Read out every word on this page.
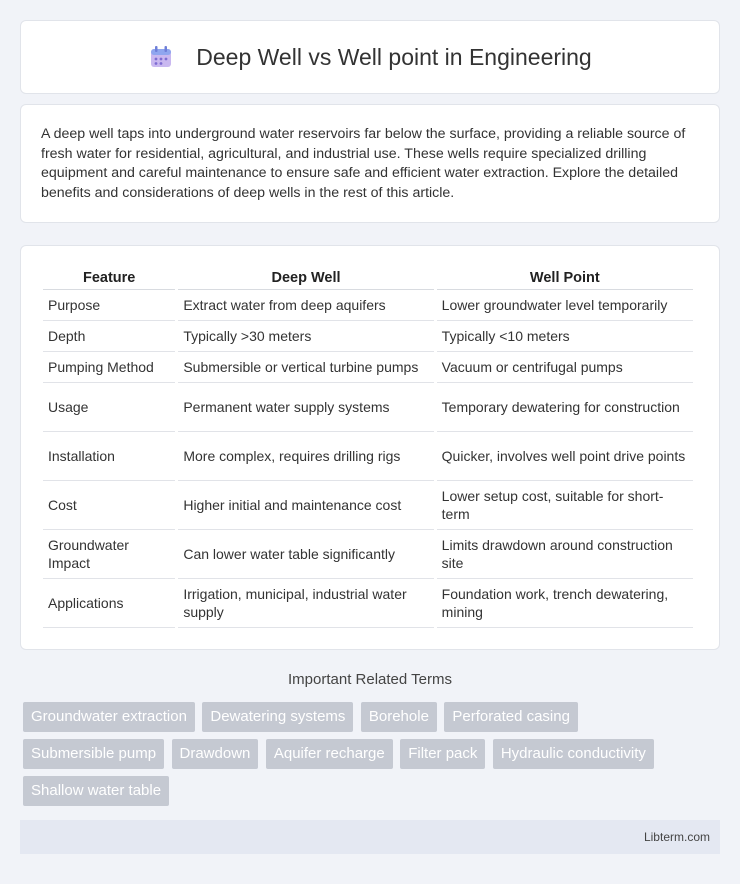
Deep Well vs Well point in Engineering

A deep well taps into underground water reservoirs far below the surface, providing a reliable source of fresh water for residential, agricultural, and industrial use. These wells require specialized drilling equipment and careful maintenance to ensure safe and efficient water extraction. Explore the detailed benefits and considerations of deep wells in the rest of this article.

Feature	Deep Well	Well Point
Purpose	Extract water from deep aquifers	Lower groundwater level temporarily
Depth	Typically >30 meters	Typically <10 meters
Pumping Method	Submersible or vertical turbine pumps	Vacuum or centrifugal pumps
Usage	Permanent water supply systems	Temporary dewatering for construction
Installation	More complex, requires drilling rigs	Quicker, involves well point drive points
Cost	Higher initial and maintenance cost	Lower setup cost, suitable for short-term
Groundwater Impact	Can lower water table significantly	Limits drawdown around construction site
Applications	Irrigation, municipal, industrial water supply	Foundation work, trench dewatering, mining
Important Related Terms
Groundwater extraction Dewatering systems Borehole Perforated casing Submersible pump Drawdown Aquifer recharge Filter pack Hydraulic conductivity Shallow water table
Libterm.com
